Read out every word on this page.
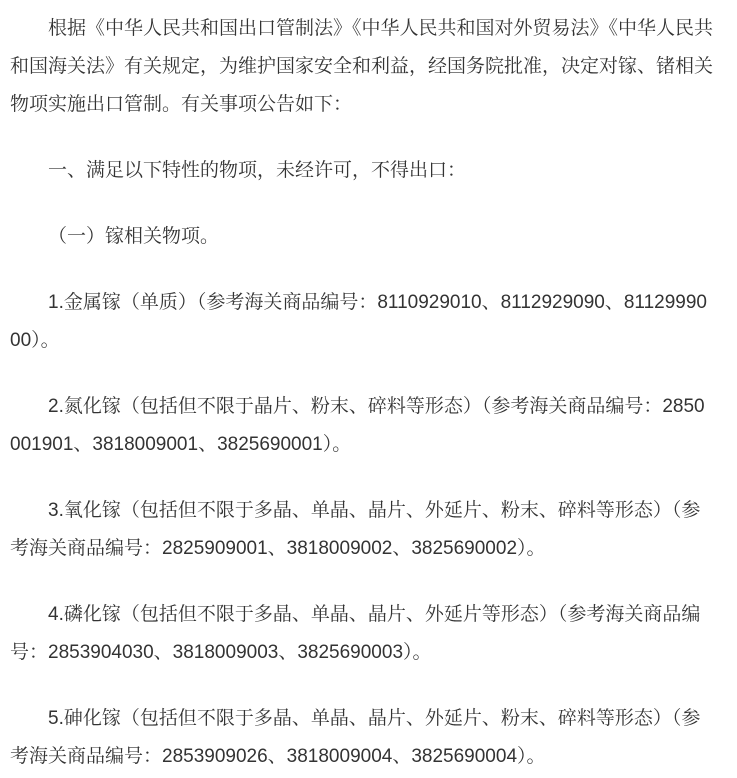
根据《中华人民共和国出口管制法》《中华人民共和国对外贸易法》《中华人民共和国海关法》有关规定，为维护国家安全和利益，经国务院批准，决定对镓、锗相关物项实施出口管制。有关事项公告如下：

一、满足以下特性的物项，未经许可，不得出口：

（一）镓相关物项。

1.金属镓（单质）（参考海关商品编号：8110929010、8112929090、8112999000）。

2.氮化镓（包括但不限于晶片、粉末、碎料等形态）（参考海关商品编号：2850001901、3818009001、3825690001）。

3.氧化镓（包括但不限于多晶、单晶、晶片、外延片、粉末、碎料等形态）（参考海关商品编号：2825909001、3818009002、3825690002）。

4.磷化镓（包括但不限于多晶、单晶、晶片、外延片等形态）（参考海关商品编号：2853904030、3818009003、3825690003）。

5.砷化镓（包括但不限于多晶、单晶、晶片、外延片、粉末、碎料等形态）（参考海关商品编号：2853909026、3818009004、3825690004）。
